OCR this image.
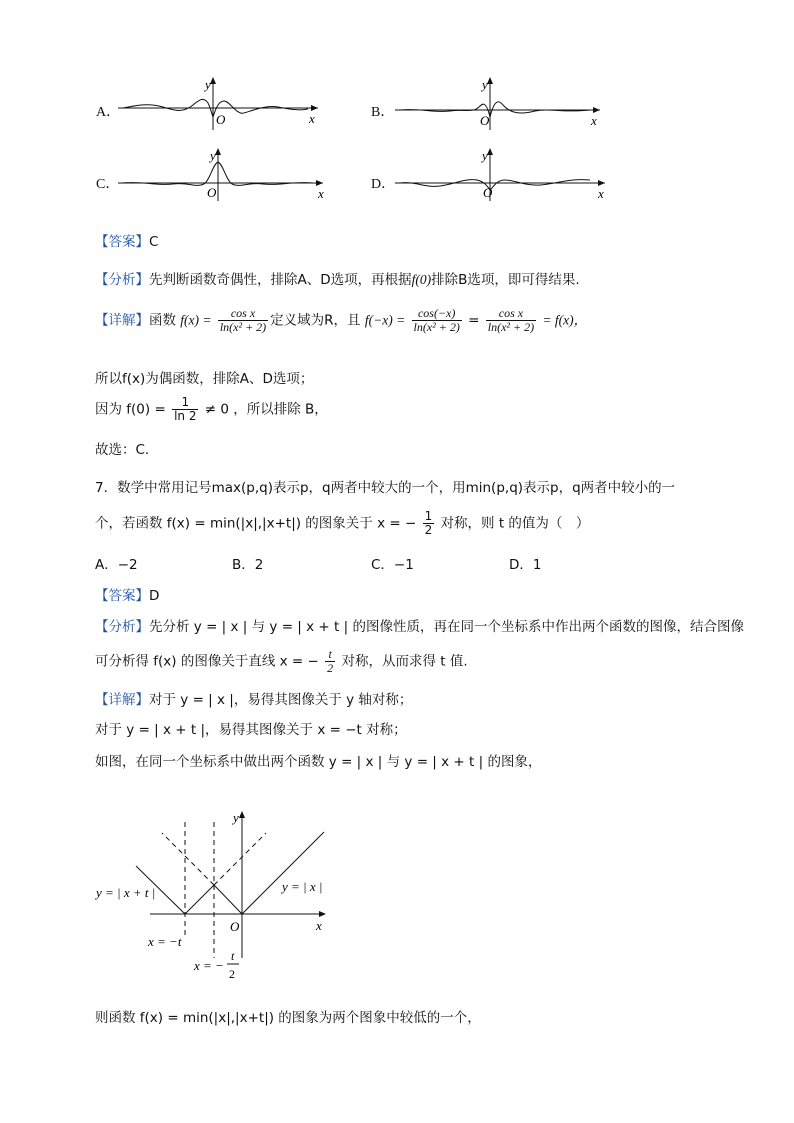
A．
y
x
O	B．
y
x
O
C．
y
x
O
D．
y
x
O
【答案】C
【分析】先判断函数奇偶性，排除A、D选项，再根据f(0)排除B选项，即可得结果.
【详解】函数 $f(x) = \frac{\text{cos x}}{\text{ln(x² + 2)}}$ 定义域为R，且 $f(-x) = \frac{\cos(-x)}{\text{ln(x² + 2)}} = \frac{\text{cos x}}{\text{ln(x² + 2)}} = f(x)$，
所以f(x)为偶函数，排除A、D选项；
因为 $f(0) = \frac{1}{\ln 2} \ne 0$ ，所以排除 B，
故选：C.
7．数学中常用记号max(p,q)表示p，q两者中较大的一个，用min(p,q)表示p，q两者中较小的一
个，若函数 f(x) = min(|x|,|x+t|) 的图象关于 x = − $\frac{1}{2}$ 对称，则 t 的值为（　）
A．−2	B．2	C．−1	D．1
【答案】D
【分析】先分析 y = | x | 与 y = | x + t | 的图像性质，再在同一个坐标系中作出两个函数的图像，结合图像
可分析得 f(x) 的图像关于直线 x = − $\frac{t}{2}$ 对称，从而求得 t 值.
【详解】对于 y = | x |，易得其图像关于 y 轴对称；
对于 y = | x + t |，易得其图像关于 x = −t 对称；
如图，在同一个坐标系中做出两个函数 y = | x | 与 y = | x + t | 的图象，
y
x
O
y = | x + t |	y = | x |
x = −t
x = −
t
2
则函数 f(x) = min(|x|,|x+t|) 的图象为两个图象中较低的一个，
